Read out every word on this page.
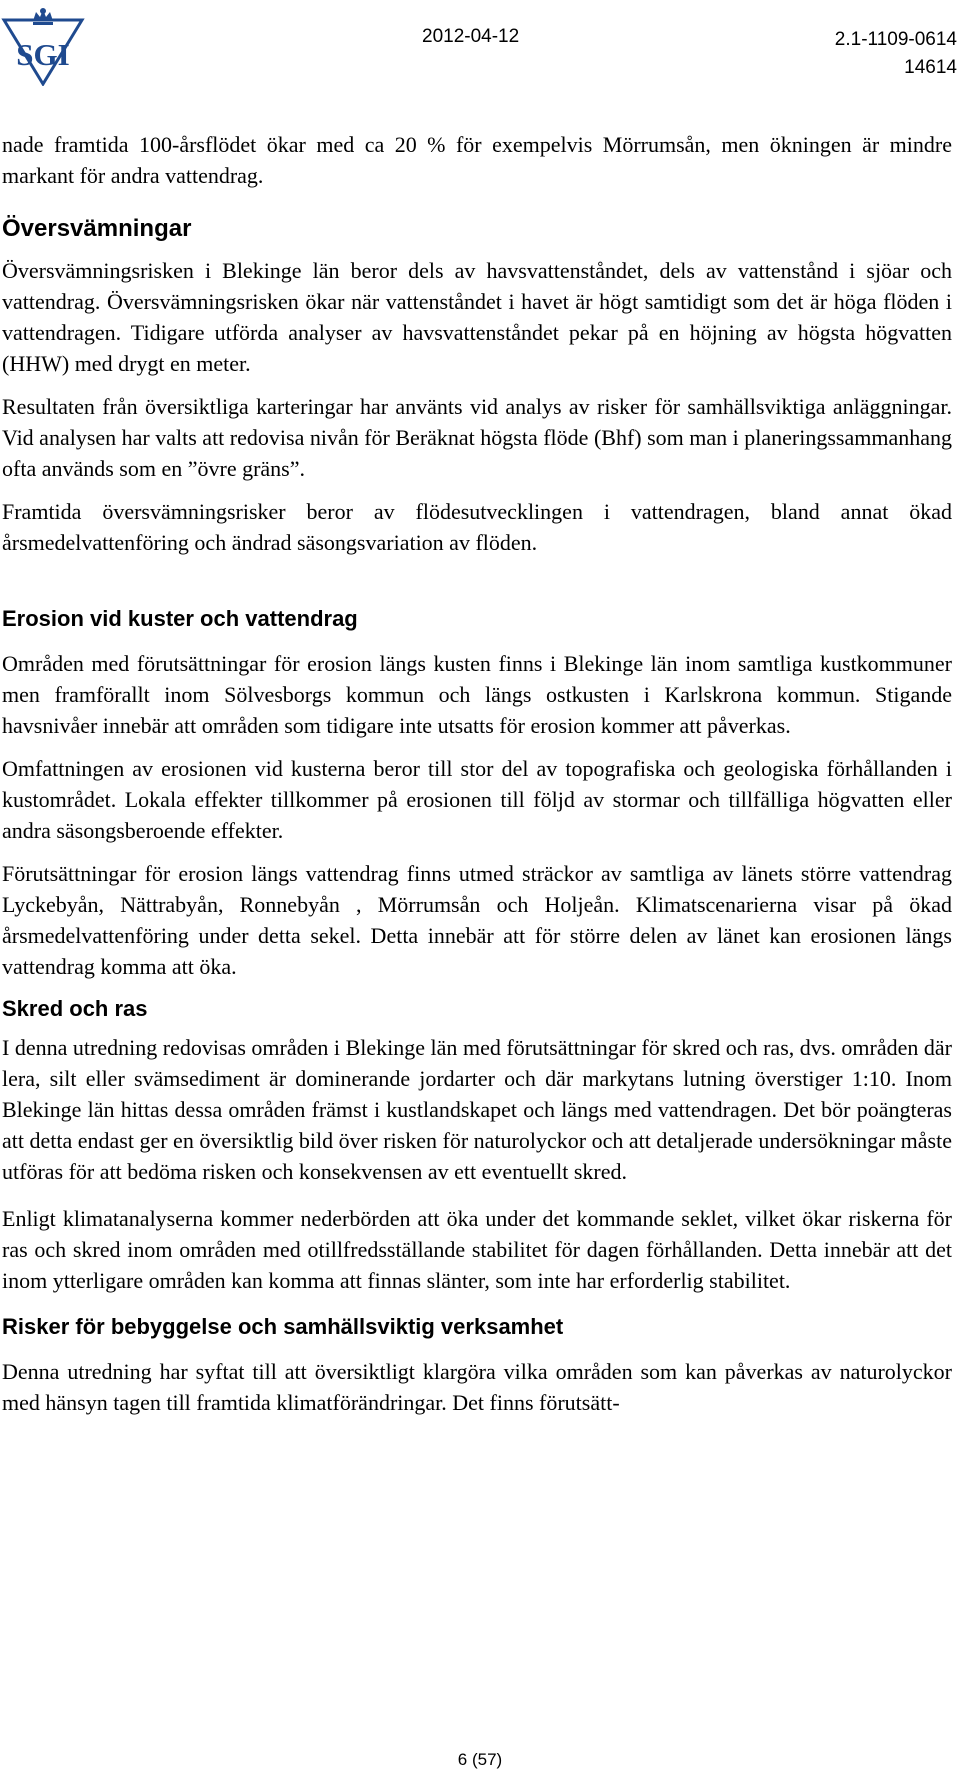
SGI
2012-04-12	2.1-1109-0614
14614

nade framtida 100-årsflödet ökar med ca 20 % för exempelvis Mörrumsån, men ökningen är mindre markant för andra vattendrag.

Översvämningar

Översvämningsrisken i Blekinge län beror dels av havsvattenståndet, dels av vattenstånd i sjöar och vattendrag. Översvämningsrisken ökar när vattenståndet i havet är högt samtidigt som det är höga flöden i vattendragen. Tidigare utförda analyser av havsvattenståndet pekar på en höjning av högsta högvatten (HHW) med drygt en meter.

Resultaten från översiktliga karteringar har använts vid analys av risker för samhällsviktiga anläggningar. Vid analysen har valts att redovisa nivån för Beräknat högsta flöde (Bhf) som man i planeringssammanhang ofta används som en ”övre gräns”.

Framtida översvämningsrisker beror av flödesutvecklingen i vattendragen, bland annat ökad årsmedelvattenföring och ändrad säsongsvariation av flöden.

Erosion vid kuster och vattendrag

Områden med förutsättningar för erosion längs kusten finns i Blekinge län inom samtliga kustkommuner men framförallt inom Sölvesborgs kommun och längs ostkusten i Karlskrona kommun. Stigande havsnivåer innebär att områden som tidigare inte utsatts för erosion kommer att påverkas.

Omfattningen av erosionen vid kusterna beror till stor del av topografiska och geologiska förhållanden i kustområdet. Lokala effekter tillkommer på erosionen till följd av stormar och tillfälliga högvatten eller andra säsongsberoende effekter.

Förutsättningar för erosion längs vattendrag finns utmed sträckor av samtliga av länets större vattendrag Lyckebyån, Nättrabyån, Ronnebyån , Mörrumsån och Holjeån. Klimatscenarierna visar på ökad årsmedelvattenföring under detta sekel. Detta innebär att för större delen av länet kan erosionen längs vattendrag komma att öka.

Skred och ras

I denna utredning redovisas områden i Blekinge län med förutsättningar för skred och ras, dvs. områden där lera, silt eller svämsediment är dominerande jordarter och där markytans lutning överstiger 1:10. Inom Blekinge län hittas dessa områden främst i kustlandskapet och längs med vattendragen. Det bör poängteras att detta endast ger en översiktlig bild över risken för naturolyckor och att detaljerade undersökningar måste utföras för att bedöma risken och konsekvensen av ett eventuellt skred.

Enligt klimatanalyserna kommer nederbörden att öka under det kommande seklet, vilket ökar riskerna för ras och skred inom områden med otillfredsställande stabilitet för dagen förhållanden. Detta innebär att det inom ytterligare områden kan komma att finnas slänter, som inte har erforderlig stabilitet.

Risker för bebyggelse och samhällsviktig verksamhet

Denna utredning har syftat till att översiktligt klargöra vilka områden som kan påverkas av naturolyckor med hänsyn tagen till framtida klimatförändringar. Det finns förutsätt-

6 (57)
